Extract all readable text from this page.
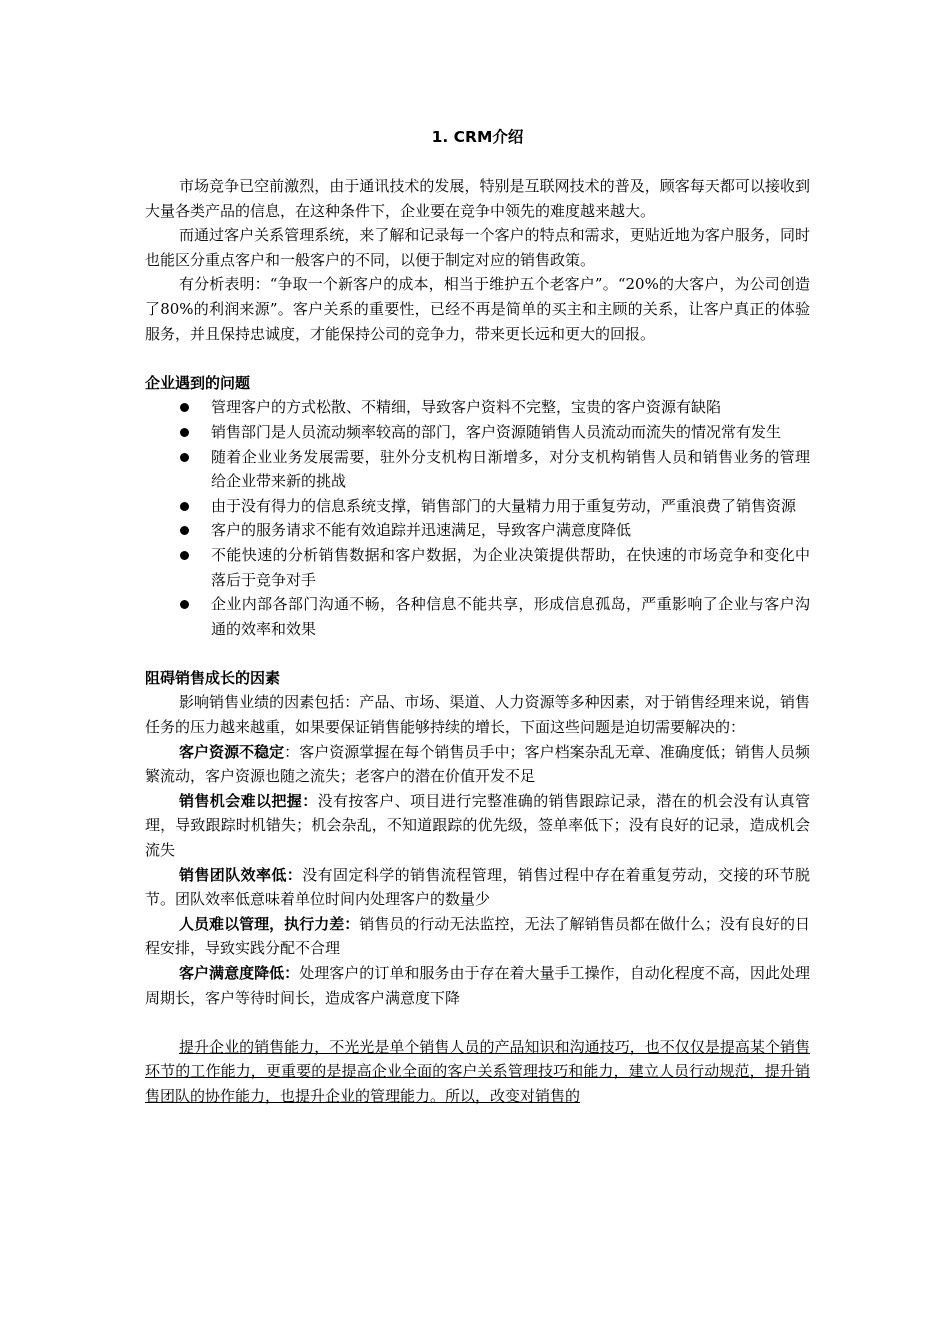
1. CRM介绍

市场竞争已空前激烈，由于通讯技术的发展，特别是互联网技术的普及，顾客每天都可以接收到大量各类产品的信息，在这种条件下，企业要在竞争中领先的难度越来越大。

而通过客户关系管理系统，来了解和记录每一个客户的特点和需求，更贴近地为客户服务，同时也能区分重点客户和一般客户的不同，以便于制定对应的销售政策。

有分析表明：“争取一个新客户的成本，相当于维护五个老客户”。“20%的大客户，为公司创造了80%的利润来源”。客户关系的重要性，已经不再是简单的买主和主顾的关系，让客户真正的体验服务，并且保持忠诚度，才能保持公司的竞争力，带来更长远和更大的回报。

企业遇到的问题

管理客户的方式松散、不精细，导致客户资料不完整，宝贵的客户资源有缺陷
销售部门是人员流动频率较高的部门，客户资源随销售人员流动而流失的情况常有发生
随着企业业务发展需要，驻外分支机构日渐增多，对分支机构销售人员和销售业务的管理给企业带来新的挑战
由于没有得力的信息系统支撑，销售部门的大量精力用于重复劳动，严重浪费了销售资源
客户的服务请求不能有效追踪并迅速满足，导致客户满意度降低
不能快速的分析销售数据和客户数据，为企业决策提供帮助，在快速的市场竞争和变化中落后于竞争对手
企业内部各部门沟通不畅，各种信息不能共享，形成信息孤岛，严重影响了企业与客户沟通的效率和效果

阻碍销售成长的因素

影响销售业绩的因素包括：产品、市场、渠道、人力资源等多种因素，对于销售经理来说，销售任务的压力越来越重，如果要保证销售能够持续的增长，下面这些问题是迫切需要解决的：

客户资源不稳定：客户资源掌握在每个销售员手中；客户档案杂乱无章、准确度低；销售人员频繁流动，客户资源也随之流失；老客户的潜在价值开发不足

销售机会难以把握：没有按客户、项目进行完整准确的销售跟踪记录，潜在的机会没有认真管理，导致跟踪时机错失；机会杂乱，不知道跟踪的优先级，签单率低下；没有良好的记录，造成机会流失

销售团队效率低：没有固定科学的销售流程管理，销售过程中存在着重复劳动，交接的环节脱节。团队效率低意味着单位时间内处理客户的数量少

人员难以管理，执行力差：销售员的行动无法监控，无法了解销售员都在做什么；没有良好的日程安排，导致实践分配不合理

客户满意度降低：处理客户的订单和服务由于存在着大量手工操作，自动化程度不高，因此处理周期长，客户等待时间长，造成客户满意度下降

提升企业的销售能力，不光光是单个销售人员的产品知识和沟通技巧，也不仅仅是提高某个销售环节的工作能力，更重要的是提高企业全面的客户关系管理技巧和能力，建立人员行动规范，提升销售团队的协作能力，也提升企业的管理能力。所以，改变对销售的
